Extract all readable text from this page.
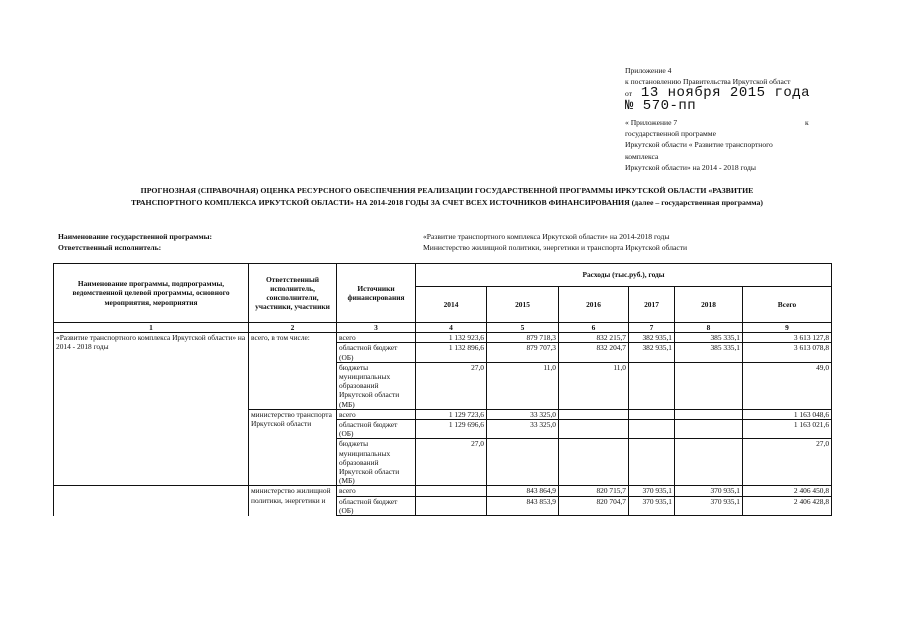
Приложение 4
к постановлению Правительства Иркутской област
от 13 ноября 2015 года
№ 570-пп
« Приложение 7	к
государственной программе
Иркутской области « Развитие транспортного
комплекса
Иркутской области» на 2014 - 2018 годы
ПРОГНОЗНАЯ (СПРАВОЧНАЯ) ОЦЕНКА РЕСУРСНОГО ОБЕСПЕЧЕНИЯ РЕАЛИЗАЦИИ ГОСУДАРСТВЕННОЙ ПРОГРАММЫ ИРКУТСКОЙ ОБЛАСТИ «РАЗВИТИЕ
ТРАНСПОРТНОГО КОМПЛЕКСА ИРКУТСКОЙ ОБЛАСТИ» НА 2014-2018 ГОДЫ ЗА СЧЕТ ВСЕХ ИСТОЧНИКОВ ФИНАНСИРОВАНИЯ (далее – государственная программа)
Наименование государственной программы:	«Развитие транспортного комплекса Иркутской области» на 2014-2018 годы
Ответственный исполнитель:	Министерство жилищной политики, энергетики и транспорта Иркутской области
Наименование программы, подпрограммы, ведомственной целевой программы, основного мероприятия, мероприятия	Ответственный исполнитель, соисполнители, участники, участники	Источники финансирования	Расходы (тыс.руб.), годы					
			2014	2015	2016	2017	2018	Всего
1	2	3	4	5	6	7	8	9
«Развитие транспортного комплекса Иркутской области» на 2014 - 2018 годы	всего, в том числе:	всего	1 132 923,6	879 718,3	832 215,7	382 935,1	385 335,1	3 613 127,8
		областной бюджет (ОБ)	1 132 896,6	879 707,3	832 204,7	382 935,1	385 335,1	3 613 078,8
		бюджеты муниципальных образований Иркутской области (МБ)	27,0	11,0	11,0			49,0
	министерство транспорта Иркутской области	всего	1 129 723,6	33 325,0				1 163 048,6
		областной бюджет (ОБ)	1 129 696,6	33 325,0				1 163 021,6
		бюджеты муниципальных образований Иркутской области (МБ)	27,0					27,0
	министерство жилищной политики, энергетики и	всего		843 864,9	820 715,7	370 935,1	370 935,1	2 406 450,8
		областной бюджет (ОБ)		843 853,9	820 704,7	370 935,1	370 935,1	2 406 428,8
